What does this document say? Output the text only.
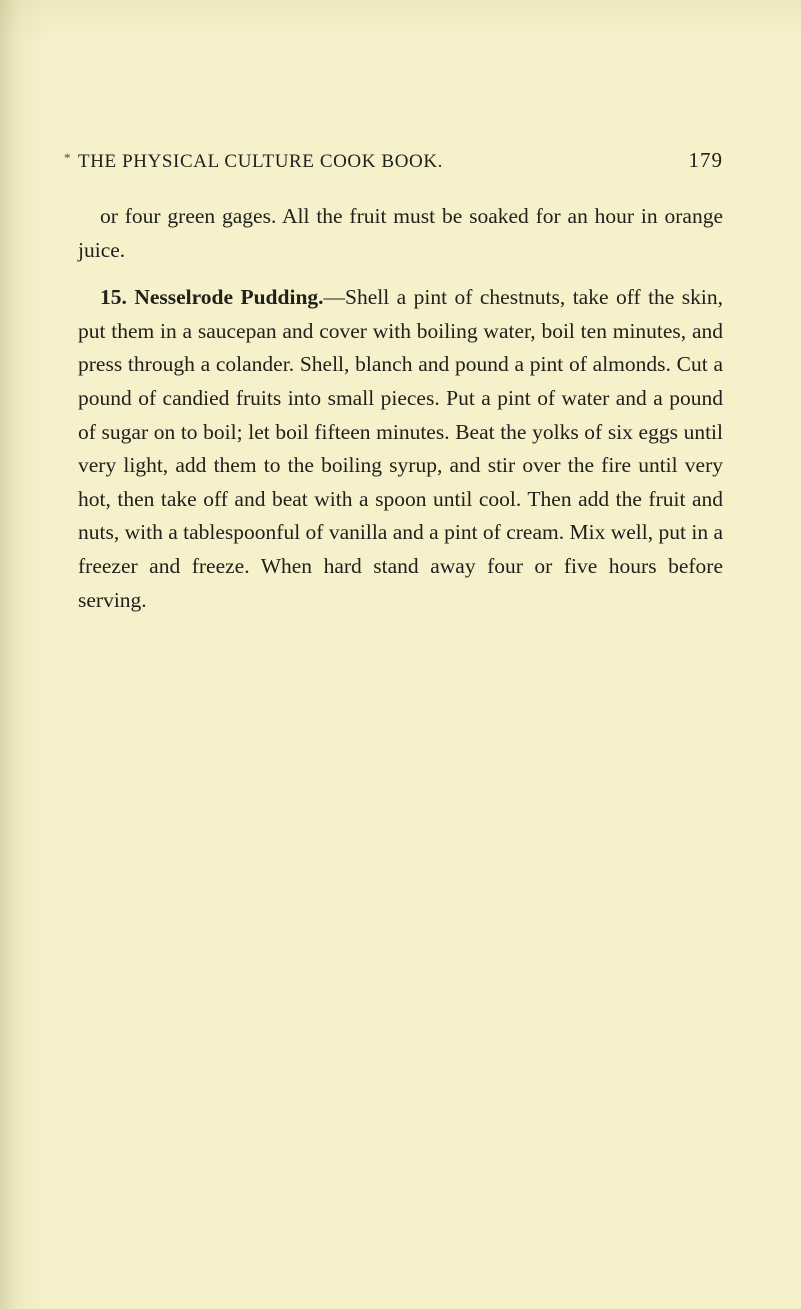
* THE PHYSICAL CULTURE COOK BOOK.	179

or four green gages. All the fruit must be soaked for an hour in orange juice.

15. Nesselrode Pudding.—Shell a pint of chestnuts, take off the skin, put them in a saucepan and cover with boiling water, boil ten minutes, and press through a colander. Shell, blanch and pound a pint of almonds. Cut a pound of candied fruits into small pieces. Put a pint of water and a pound of sugar on to boil; let boil fifteen minutes. Beat the yolks of six eggs until very light, add them to the boiling syrup, and stir over the fire until very hot, then take off and beat with a spoon until cool. Then add the fruit and nuts, with a tablespoonful of vanilla and a pint of cream. Mix well, put in a freezer and freeze. When hard stand away four or five hours before serving.
